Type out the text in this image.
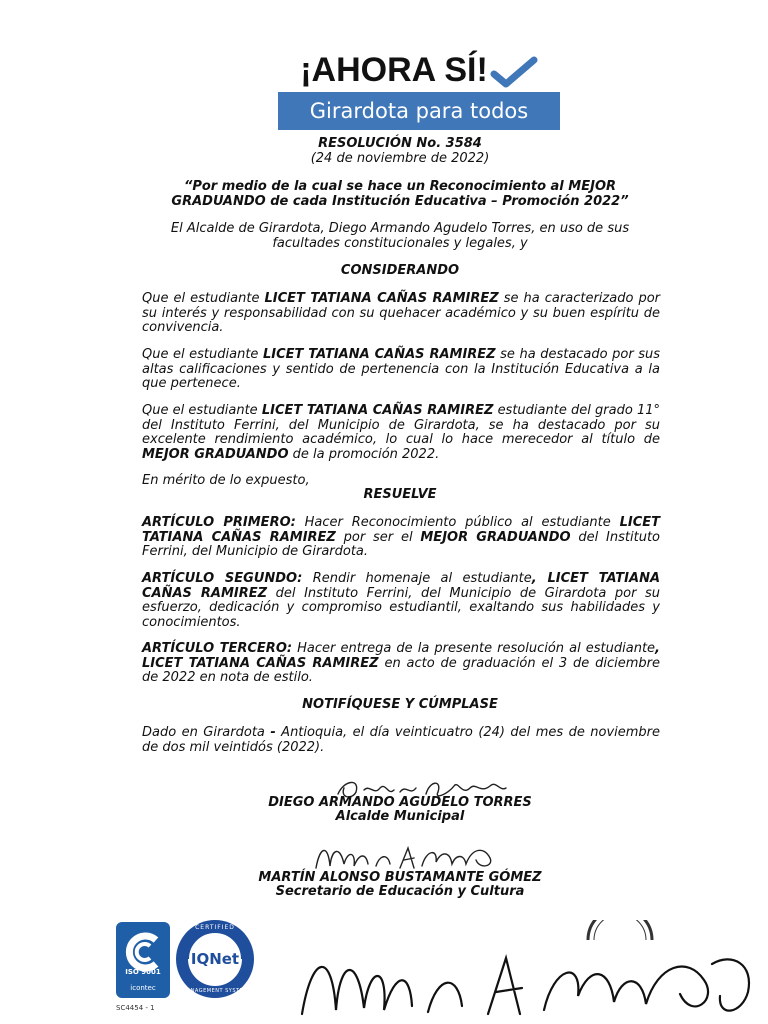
¡AHORA SÍ!
Girardota para todos
RESOLUCIÓN No. 3584
(24 de noviembre de 2022)
“Por medio de la cual se hace un Reconocimiento al MEJOR
GRADUANDO de cada Institución Educativa – Promoción 2022”
El Alcalde de Girardota, Diego Armando Agudelo Torres, en uso de sus
facultades constitucionales y legales, y
CONSIDERANDO
Que el estudiante LICET TATIANA CAÑAS RAMIREZ se ha caracterizado por su interés y responsabilidad con su quehacer académico y su buen espíritu de convivencia.
Que el estudiante LICET TATIANA CAÑAS RAMIREZ se ha destacado por sus altas calificaciones y sentido de pertenencia con la Institución Educativa a la que pertenece.
Que el estudiante LICET TATIANA CAÑAS RAMIREZ estudiante del grado 11° del Instituto Ferrini, del Municipio de Girardota, se ha destacado por su excelente rendimiento académico, lo cual lo hace merecedor al título de MEJOR GRADUANDO de la promoción 2022.
En mérito de lo expuesto,
RESUELVE
ARTÍCULO PRIMERO: Hacer Reconocimiento público al estudiante LICET TATIANA CAÑAS RAMIREZ por ser el MEJOR GRADUANDO del Instituto Ferrini, del Municipio de Girardota.
ARTÍCULO SEGUNDO: Rendir homenaje al estudiante, LICET TATIANA CAÑAS RAMIREZ del Instituto Ferrini, del Municipio de Girardota por su esfuerzo, dedicación y compromiso estudiantil, exaltando sus habilidades y conocimientos.
ARTÍCULO TERCERO: Hacer entrega de la presente resolución al estudiante, LICET TATIANA CAÑAS RAMIREZ en acto de graduación el 3 de diciembre de 2022 en nota de estilo.
NOTIFÍQUESE Y CÚMPLASE
Dado en Girardota - Antioquia, el día veinticuatro (24) del mes de noviembre de dos mil veintidós (2022).
DIEGO ARMANDO AGUDELO TORRES
Alcalde Municipal
MARTÍN ALONSO BUSTAMANTE GÓMEZ
Secretario de Educación y Cultura
ISO 9001
icontec
SC4454 - 1
CERTIFIED
IQNet
MANAGEMENT SYSTEM
